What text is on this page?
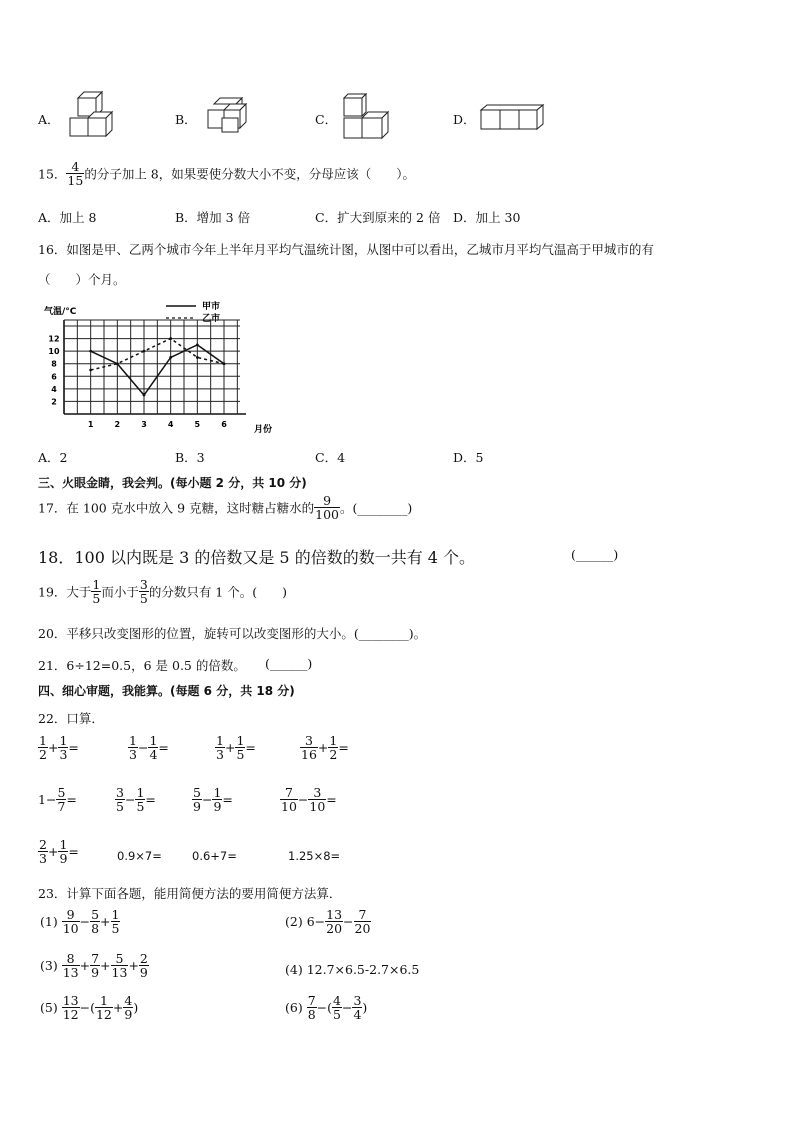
A．	B．	C．	D．
15． $\frac{4}{15}$ 的分子加上 8，如果要使分数大小不变，分母应该（　　）。
A．加上 8	B．增加 3 倍	C．扩大到原来的 2 倍 D．加上 30
16．如图是甲、乙两个城市今年上半年月平均气温统计图，从图中可以看出，乙城市月平均气温高于甲城市的有
（　　）个月。
气温/°C
月份
甲市
乙市
2
4
6
8
10
12
1	2	3	4	5	6
A．2	B．3	C．4	D．5
三、火眼金睛，我会判。(每小题 2 分，共 10 分)
17．在 100 克水中放入 9 克糖，这时糖占糖水的 $\frac{9}{100}$ 。(________)
18．100 以内既是 3 的倍数又是 5 的倍数的数一共有 4 个。	(______)
19．大于 $\frac{1}{5}$ 而小于 $\frac{3}{5}$ 的分数只有 1 个。(　　)
20．平移只改变图形的位置，旋转可以改变图形的大小。(________)。
21．6÷12=0.5，6 是 0.5 的倍数。 (______)
四、细心审题，我能算。(每题 6 分，共 18 分)
22．口算．
$\frac{1}{2} + \frac{1}{3}$ =	$\frac{1}{3} - \frac{1}{4}$ =	$\frac{1}{3} + \frac{1}{5}$ =	$\frac{3}{16} + \frac{1}{2}$ =
$1- \frac{5}{7}$ =	$\frac{3}{5} - \frac{1}{5}$ =	$\frac{5}{9} - \frac{1}{9}$ =	$\frac{7}{10} - \frac{3}{10}$ =
$\frac{2}{3} + \frac{1}{9}$ =	0.9×7=	0.6+7=	1.25×8=
23．计算下面各题，能用简便方法的要用简便方法算．
$(1) \frac{9}{10} - \frac{5}{8} + \frac{1}{5}$	(2) $6- \frac{13}{20} - \frac{7}{20}$
$(3) \frac{8}{13} + \frac{7}{9} + \frac{5}{13} + \frac{2}{9}$	(4) 12.7×6.5-2.7×6.5
$(5) \frac{13}{12}$ −( $\frac{1}{12} + \frac{4}{9}$ )	$(6) \frac{7}{8}$ −( $\frac{4}{5} - \frac{3}{4}$ )
